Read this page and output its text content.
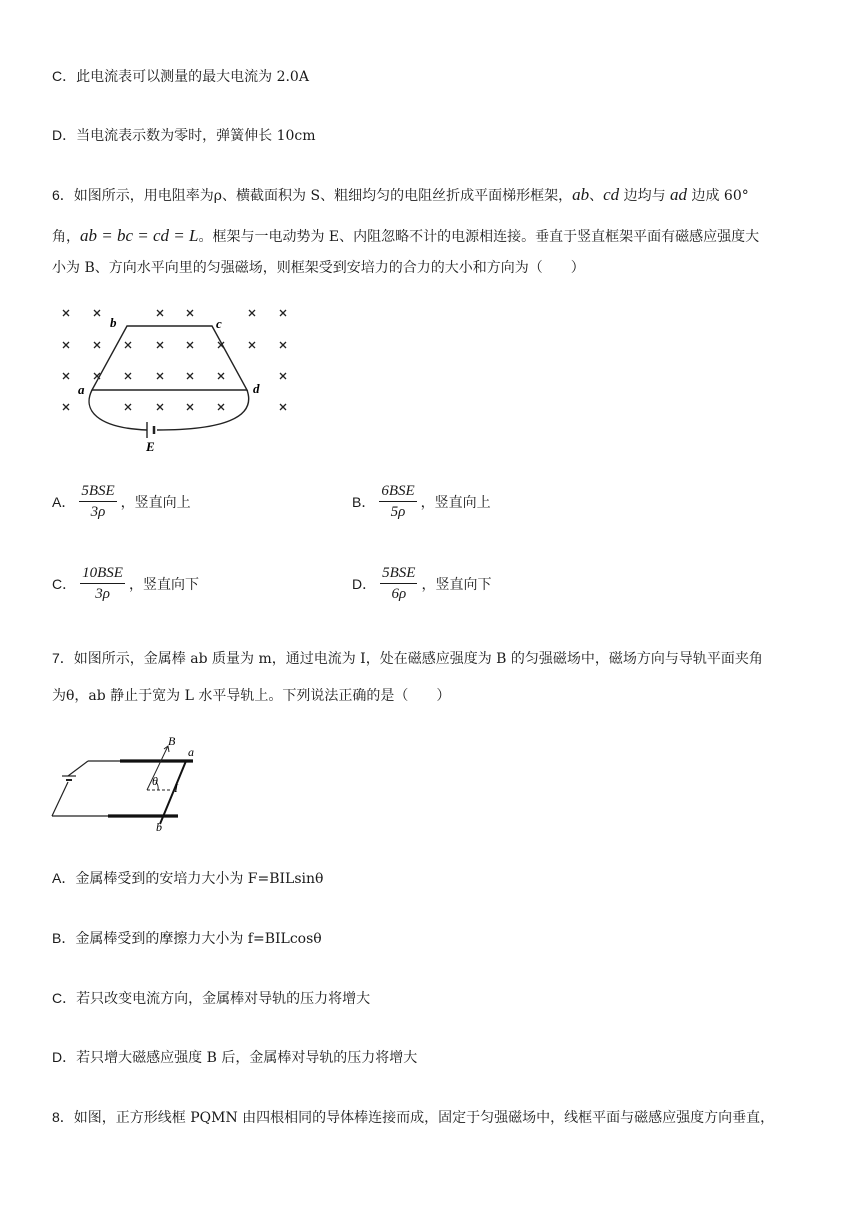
C．此电流表可以测量的最大电流为 2.0A
D．当电流表示数为零时，弹簧伸长 10cm
6．如图所示，用电阻率为ρ、横截面积为 S、粗细均匀的电阻丝折成平面梯形框架，ab、cd 边均与 ad 边成 60°
角，ab = bc = cd = L。框架与一电动势为 E、内阻忽略不计的电源相连接。垂直于竖直框架平面有磁感应强度大
小为 B、方向水平向里的匀强磁场，则框架受到安培力的合力的大小和方向为（　　）
b	c
a	d
E
A． $\frac{\text{5BSE}}{3\rho}$ ，竖直向上	B． $\frac{\text{6BSE}}{5\rho}$ ，竖直向上
C． $\frac{\text{10BSE}}{3\rho}$ ，竖直向下	D． $\frac{\text{5BSE}}{6\rho}$ ，竖直向下
7．如图所示，金属棒 ab 质量为 m，通过电流为 I，处在磁感应强度为 B 的匀强磁场中，磁场方向与导轨平面夹角
为θ，ab 静止于宽为 L 水平导轨上。下列说法正确的是（　　）
B
a
θ I
b
A．金属棒受到的安培力大小为 F=BILsinθ
B．金属棒受到的摩擦力大小为 f=BILcosθ
C．若只改变电流方向，金属棒对导轨的压力将增大
D．若只增大磁感应强度 B 后，金属棒对导轨的压力将增大
8．如图，正方形线框 PQMN 由四根相同的导体棒连接而成，固定于匀强磁场中，线框平面与磁感应强度方向垂直，
